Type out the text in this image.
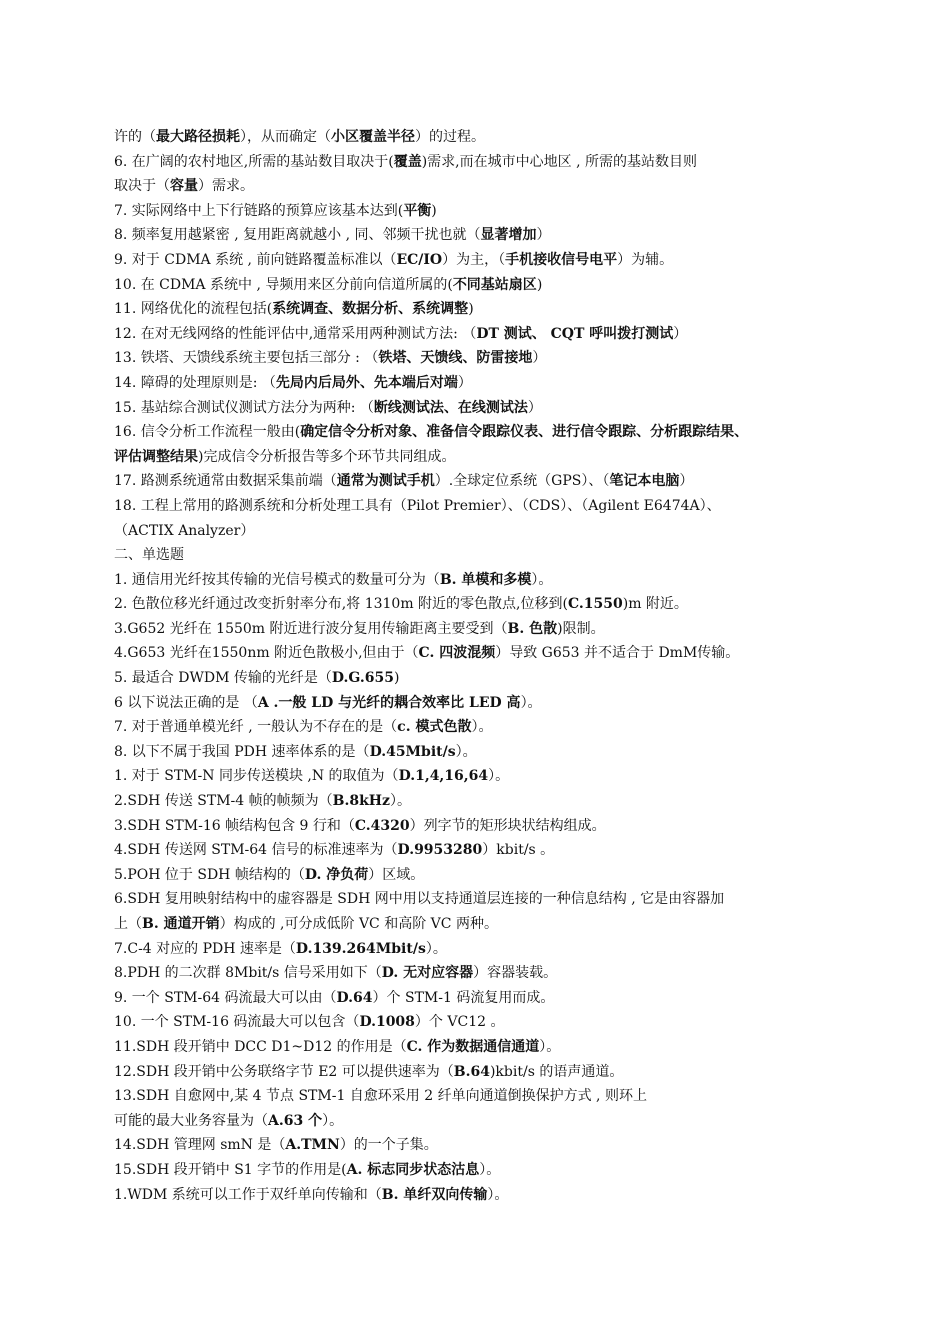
许的（最大路径损耗），从而确定（小区覆盖半径）的过程。
6. 在广阔的农村地区,所需的基站数目取决于(覆盖)需求,而在城市中心地区 , 所需的基站数目则
取决于（容量）需求。
7. 实际网络中上下行链路的预算应该基本达到(平衡)
8. 频率复用越紧密 , 复用距离就越小 , 同、邻频干扰也就（显著增加）
9. 对于 CDMA 系统 , 前向链路覆盖标准以（EC/IO）为主，（手机接收信号电平）为辅。
10. 在 CDMA 系统中 , 导频用来区分前向信道所属的(不同基站扇区)
11. 网络优化的流程包括(系统调查、数据分析、系统调整)
12. 在对无线网络的性能评估中,通常采用两种测试方法: （DT 测试、 CQT 呼叫拨打测试）
13. 铁塔、天馈线系统主要包括三部分 : （铁塔、天馈线、防雷接地）
14. 障碍的处理原则是: （先局内后局外、先本端后对端）
15. 基站综合测试仪测试方法分为两种: （断线测试法、在线测试法）
16. 信令分析工作流程一般由(确定信令分析对象、准备信令跟踪仪表、进行信令跟踪、分析跟踪结果、
评估调整结果)完成信令分析报告等多个环节共同组成。
17. 路测系统通常由数据采集前端（通常为测试手机）.全球定位系统（GPS）、（笔记本电脑）
18. 工程上常用的路测系统和分析处理工具有（Pilot Premier）、（CDS）、（Agilent E6474A）、
（ACTIX Analyzer）
二、单选题
1. 通信用光纤按其传输的光信号模式的数量可分为（B. 单模和多模）。
2. 色散位移光纤通过改变折射率分布,将 1310m 附近的零色散点,位移到(C.1550)m 附近。
3.G652 光纤在 1550m 附近进行波分复用传输距离主要受到（B. 色散)限制。
4.G653 光纤在1550nm 附近色散极小,但由于（C. 四波混频）导致 G653 并不适合于 DmM传输。
5. 最适合 DWDM 传输的光纤是（D.G.655)
6 以下说法正确的是 （A .一般 LD 与光纤的耦合效率比 LED 高）。
7. 对于普通单模光纤 , 一般认为不存在的是（c. 模式色散）。
8. 以下不属于我国 PDH 速率体系的是（D.45Mbit/s）。
1. 对于 STM-N 同步传送模块 ,N 的取值为（D.1,4,16,64）。
2.SDH 传送 STM-4 帧的帧频为（B.8kHz）。
3.SDH STM-16 帧结构包含 9 行和（C.4320）列字节的矩形块状结构组成。
4.SDH 传送网 STM-64 信号的标准速率为（D.9953280）kbit/s 。
5.POH 位于 SDH 帧结构的（D. 净负荷）区域。
6.SDH 复用映射结构中的虚容器是 SDH 网中用以支持通道层连接的一种信息结构 , 它是由容器加
上（B. 通道开销）构成的 ,可分成低阶 VC 和高阶 VC 两种。
7.C-4 对应的 PDH 速率是（D.139.264Mbit/s）。
8.PDH 的二次群 8Mbit/s 信号采用如下（D. 无对应容器）容器装载。
9. 一个 STM-64 码流最大可以由（D.64）个 STM-1 码流复用而成。
10. 一个 STM-16 码流最大可以包含（D.1008）个 VC12 。
11.SDH 段开销中 DCC D1~D12 的作用是（C. 作为数据通信通道）。
12.SDH 段开销中公务联络字节 E2 可以提供速率为（B.64)kbit/s 的语声通道。
13.SDH 自愈网中,某 4 节点 STM-1 自愈环采用 2 纤单向通道倒换保护方式 , 则环上
可能的最大业务容量为（A.63 个）。
14.SDH 管理网 smN 是（A.TMN）的一个子集。
15.SDH 段开销中 S1 字节的作用是(A. 标志同步状态沽息）。
1.WDM 系统可以工作于双纤单向传输和（B. 单纤双向传输）。
